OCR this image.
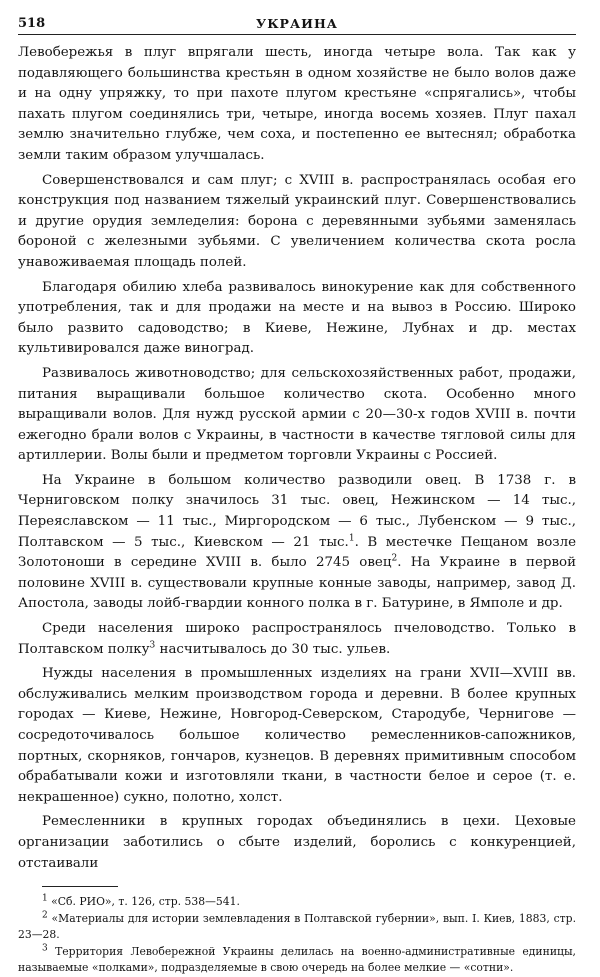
518	УКРАИНА

Левобережья в плуг впрягали шесть, иногда четыре вола. Так как у подавляющего большинства крестьян в одном хозяйстве не было волов даже и на одну упряжку, то при пахоте плугом крестьяне «спрягались», чтобы пахать плугом соединялись три, четыре, иногда восемь хозяев. Плуг пахал землю значительно глубже, чем соха, и постепенно ее вытеснял; обработка земли таким образом улучшалась.

Совершенствовался и сам плуг; с XVIII в. распространялась особая его конструкция под названием тяжелый украинский плуг. Совершенствовались и другие орудия земледелия: борона с деревянными зубьями заменялась бороной с железными зубьями. С увеличением количества скота росла унавоживаемая площадь полей.

Благодаря обилию хлеба развивалось винокурение как для собственного употребления, так и для продажи на месте и на вывоз в Россию. Широко было развито садоводство; в Киеве, Нежине, Лубнах и др. местах культивировался даже виноград.

Развивалось животноводство; для сельскохозяйственных работ, продажи, питания выращивали большое количество скота. Особенно много выращивали волов. Для нужд русской армии с 20—30-х годов XVIII в. почти ежегодно брали волов с Украины, в частности в качестве тягловой силы для артиллерии. Волы были и предметом торговли Украины с Россией.

На Украине в большом количество разводили овец. В 1738 г. в Черниговском полку значилось 31 тыс. овец, Нежинском — 14 тыс., Переяславском — 11 тыс., Миргородском — 6 тыс., Лубенском — 9 тыс., Полтавском — 5 тыс., Киевском — 21 тыс.$^1$. В местечке Пещаном возле Золотоноши в середине XVIII в. было 2745 овец$^2$. На Украине в первой половине XVIII в. существовали крупные конные заводы, например, завод Д. Апостола, заводы лойб-гвардии конного полка в г. Батурине, в Ямполе и др.

Среди населения широко распространялось пчеловодство. Только в Полтавском полку$^3$ насчитывалось до 30 тыс. ульев.

Нужды населения в промышленных изделиях на грани XVII—XVIII вв. обслуживались мелким производством города и деревни. В более крупных городах — Киеве, Нежине, Новгород-Северском, Стародубе, Чернигове — сосредоточивалось большое количество ремесленников-сапожников, портных, скорняков, гончаров, кузнецов. В деревнях примитивным способом обрабатывали кожи и изготовляли ткани, в частности белое и серое (т. е. некрашенное) сукно, полотно, холст.

Ремесленники в крупных городах объединялись в цехи. Цеховые организации заботились о сбыте изделий, боролись с конкуренцией, отстаивали

$^1$ «Сб. РИО», т. 126, стр. 538—541.

$^2$ «Материалы для истории землевладения в Полтавской губернии», вып. I. Киев, 1883, стр. 23—28.

$^3$ Территория Левобережной Украины делилась на военно-административные единицы, называемые «полками», подразделяемые в свою очередь на более мелкие — «сотни».
